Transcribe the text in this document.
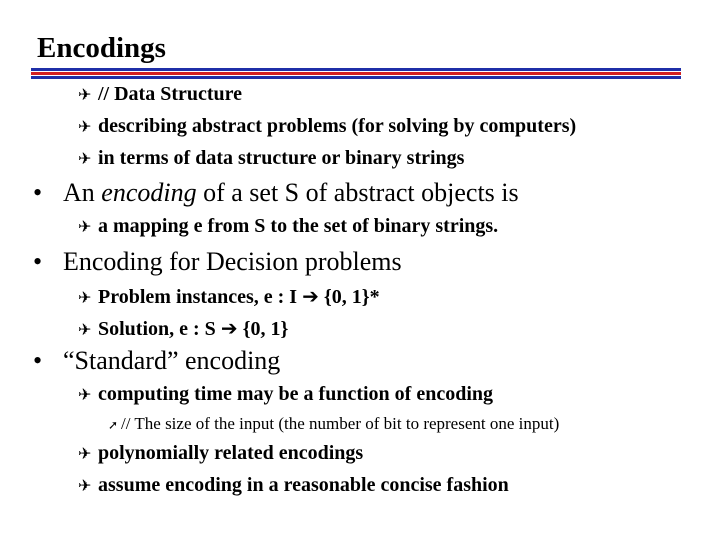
Encodings
✈ // Data Structure
✈ describing abstract problems (for solving by computers)
✈ in terms of data structure or binary strings
• An encoding of a set S of abstract objects is
✈ a mapping e from S to the set of binary strings.
• Encoding for Decision problems
✈ Problem instances, e : I ➔ {0, 1}*
✈ Solution, e : S ➔ {0, 1}
• “Standard” encoding
✈ computing time may be a function of encoding
➚ // The size of the input (the number of bit to represent one input)
✈ polynomially related encodings
✈ assume encoding in a reasonable concise fashion
